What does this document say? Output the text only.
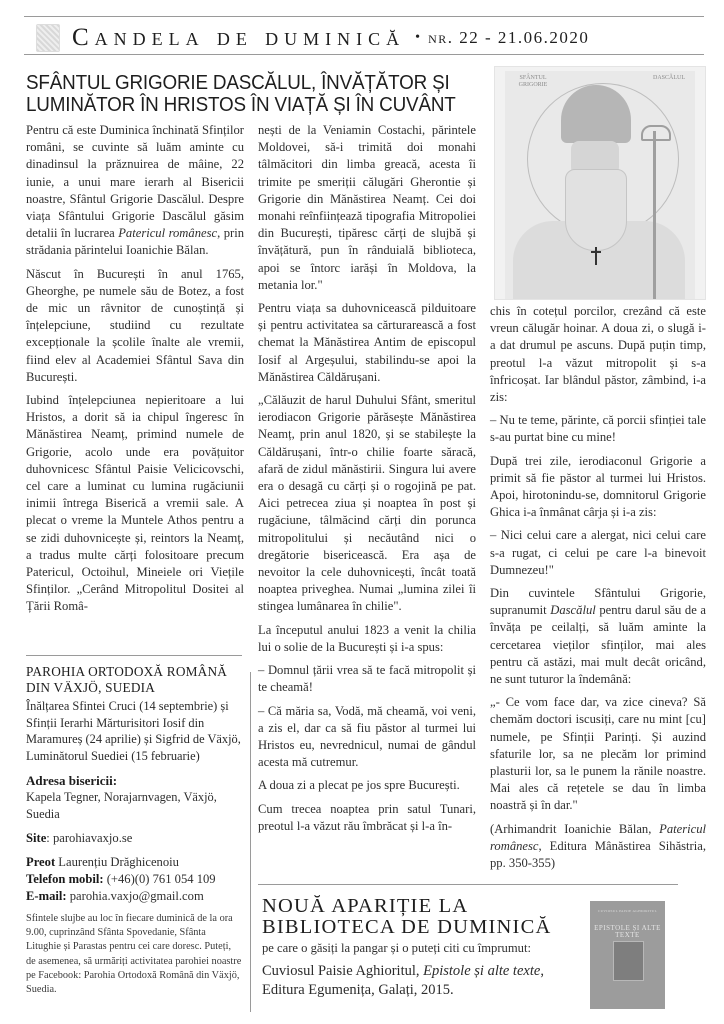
Candela de duminică • nr. 22 - 21.06.2020
SFÂNTUL GRIGORIE DASCĂLUL, ÎNVĂȚĂTOR ȘI
LUMINĂTOR ÎN HRISTOS ÎN VIAȚĂ ȘI ÎN CUVÂNT
SFÂNTUL GRIGORIE
DASCĂLUL

Pentru că este Duminica închinată Sfinților români, se cuvinte să luăm aminte cu dinadinsul la prăznuirea de mâine, 22 iunie, a unui mare ierarh al Bisericii noastre, Sfântul Grigorie Dascălul. Despre viața Sfântului Grigorie Dascălul găsim detalii în lucrarea Patericul românesc, prin strădania părintelui Ioanichie Bălan.

Născut în București în anul 1765, Gheorghe, pe numele său de Botez, a fost de mic un râvnitor de cunoștință și înțelepciune, studiind cu rezultate excepționale la școlile înalte ale vremii, fiind elev al Academiei Sfântul Sava din București.

Iubind înțelepciunea nepieritoare a lui Hristos, a dorit să ia chipul îngeresc în Mănăstirea Neamț, primind numele de Grigorie, acolo unde era povățuitor duhovnicesc Sfântul Paisie Velicicovschi, cel care a luminat cu lumina rugăciunii inimii întrega Biserică a vremii sale. A plecat o vreme la Muntele Athos pentru a se zidi duhovnicește și, reintors la Neamț, a tradus multe cărți folositoare precum Patericul, Octoihul, Mineiele ori Viețile Sfinților. „Cerând Mitropolitul Dositei al Țării Româ-

nești de la Veniamin Costachi, părintele Moldovei, să-i trimită doi monahi tâlmăcitori din limba greacă, acesta îi trimite pe smeriții călugări Gherontie și Grigorie din Mănăstirea Neamț. Cei doi monahi reînființează tipografia Mitropoliei din București, tipăresc cărți de slujbă și învățătură, pun în rânduială biblioteca, apoi se întorc iarăși în Moldova, la metania lor."

Pentru viața sa duhovnicească pilduitoare și pentru activitatea sa cărturarească a fost chemat la Mănăstirea Antim de episcopul Iosif al Argeșului, stabilindu-se apoi la Mănăstirea Căldărușani.

„Călăuzit de harul Duhului Sfânt, smeritul ierodiacon Grigorie părăsește Mănăstirea Neamț, prin anul 1820, și se stabilește la Căldărușani, într-o chilie foarte săracă, afară de zidul mănăstirii. Singura lui avere era o desagă cu cărți și o rogojină pe pat. Aici petrecea ziua și noaptea în post și rugăciune, tâlmăcind cărți din porunca mitropolitului și necăutând nici o dregătorie bisericească. Era așa de nevoitor la cele duhovnicești, încât toată noaptea priveghea. Numai „lumina zilei îi stingea lumânarea în chilie".

La începutul anului 1823 a venit la chilia lui o solie de la București și i-a spus:

– Domnul țării vrea să te facă mitropolit și te cheamă!

– Că măria sa, Vodă, mă cheamă, voi veni, a zis el, dar ca să fiu păstor al turmei lui Hristos eu, nevrednicul, numai de gândul acesta mă cutremur.

A doua zi a plecat pe jos spre București.

Cum trecea noaptea prin satul Tunari, preotul l-a văzut rău îmbrăcat și l-a în-

chis în cotețul porcilor, crezând că este vreun călugăr hoinar. A doua zi, o slugă i-a dat drumul pe ascuns. După puțin timp, preotul l-a văzut mitropolit și s-a înfricoșat. Iar blândul păstor, zâmbind, i-a zis:

– Nu te teme, părinte, că porcii sfinției tale s-au purtat bine cu mine!

După trei zile, ierodiaconul Grigorie a primit să fie păstor al turmei lui Hristos. Apoi, hirotonindu-se, domnitorul Grigorie Ghica i-a înmânat cârja și i-a zis:

– Nici celui care a alergat, nici celui care s-a rugat, ci celui pe care l-a binevoit Dumnezeu!"

Din cuvintele Sfântului Grigorie, supranumit Dascălul pentru darul său de a învăța pe ceilalți, să luăm aminte la cercetarea vieților sfinților, mai ales pentru că astăzi, mai mult decât oricând, ne sunt tuturor la îndemână:

„- Ce vom face dar, va zice cineva? Să chemăm doctori iscusiți, care nu mint [cu] numele, pe Sfinții Parinți. Și auzind sfaturile lor, sa ne plecăm lor primind plasturii lor, sa le punem la rănile noastre. Mai ales că rețetele se dau în limba noastră și în dar."

(Arhimandrit Ioanichie Bălan, Patericul românesc, Editura Mânăstirea Sihăstria, pp. 350-355)

PAROHIA ORTODOXĂ ROMÂNĂ DIN VÄXJÖ, SUEDIA
Înălțarea Sfintei Cruci (14 septembrie) și Sfinții Ierarhi Mărturisitori Iosif din Maramureș (24 aprilie) și Sigfrid de Växjö, Luminătorul Suediei (15 februarie)
Adresa bisericii:
Kapela Tegner, Norajarnvagen, Växjö, Suedia
Site: parohiavaxjo.se
Preot Laurențiu Drăghicenoiu
Telefon mobil: (+46)(0) 761 054 109
E-mail: parohia.vaxjo@gmail.com
Sfintele slujbe au loc în fiecare duminică de la ora 9.00, cuprinzând Sfânta Spovedanie, Sfânta Litughie și Parastas pentru cei care doresc. Puteți, de asemenea, să urmăriți activitatea parohiei noastre pe Facebook: Parohia Ortodoxă Română din Växjö, Suedia.
NOUĂ APARIȚIE LA
BIBLIOTECA DE DUMINICĂ
pe care o găsiți la pangar și o puteți citi cu împrumut:
Cuviosul Paisie Aghioritul, Epistole și alte texte, Editura Egumenița, Galați, 2015.
CUVIOSUL PAISIE AGHIORITUL
EPISTOLE ȘI ALTE TEXTE
